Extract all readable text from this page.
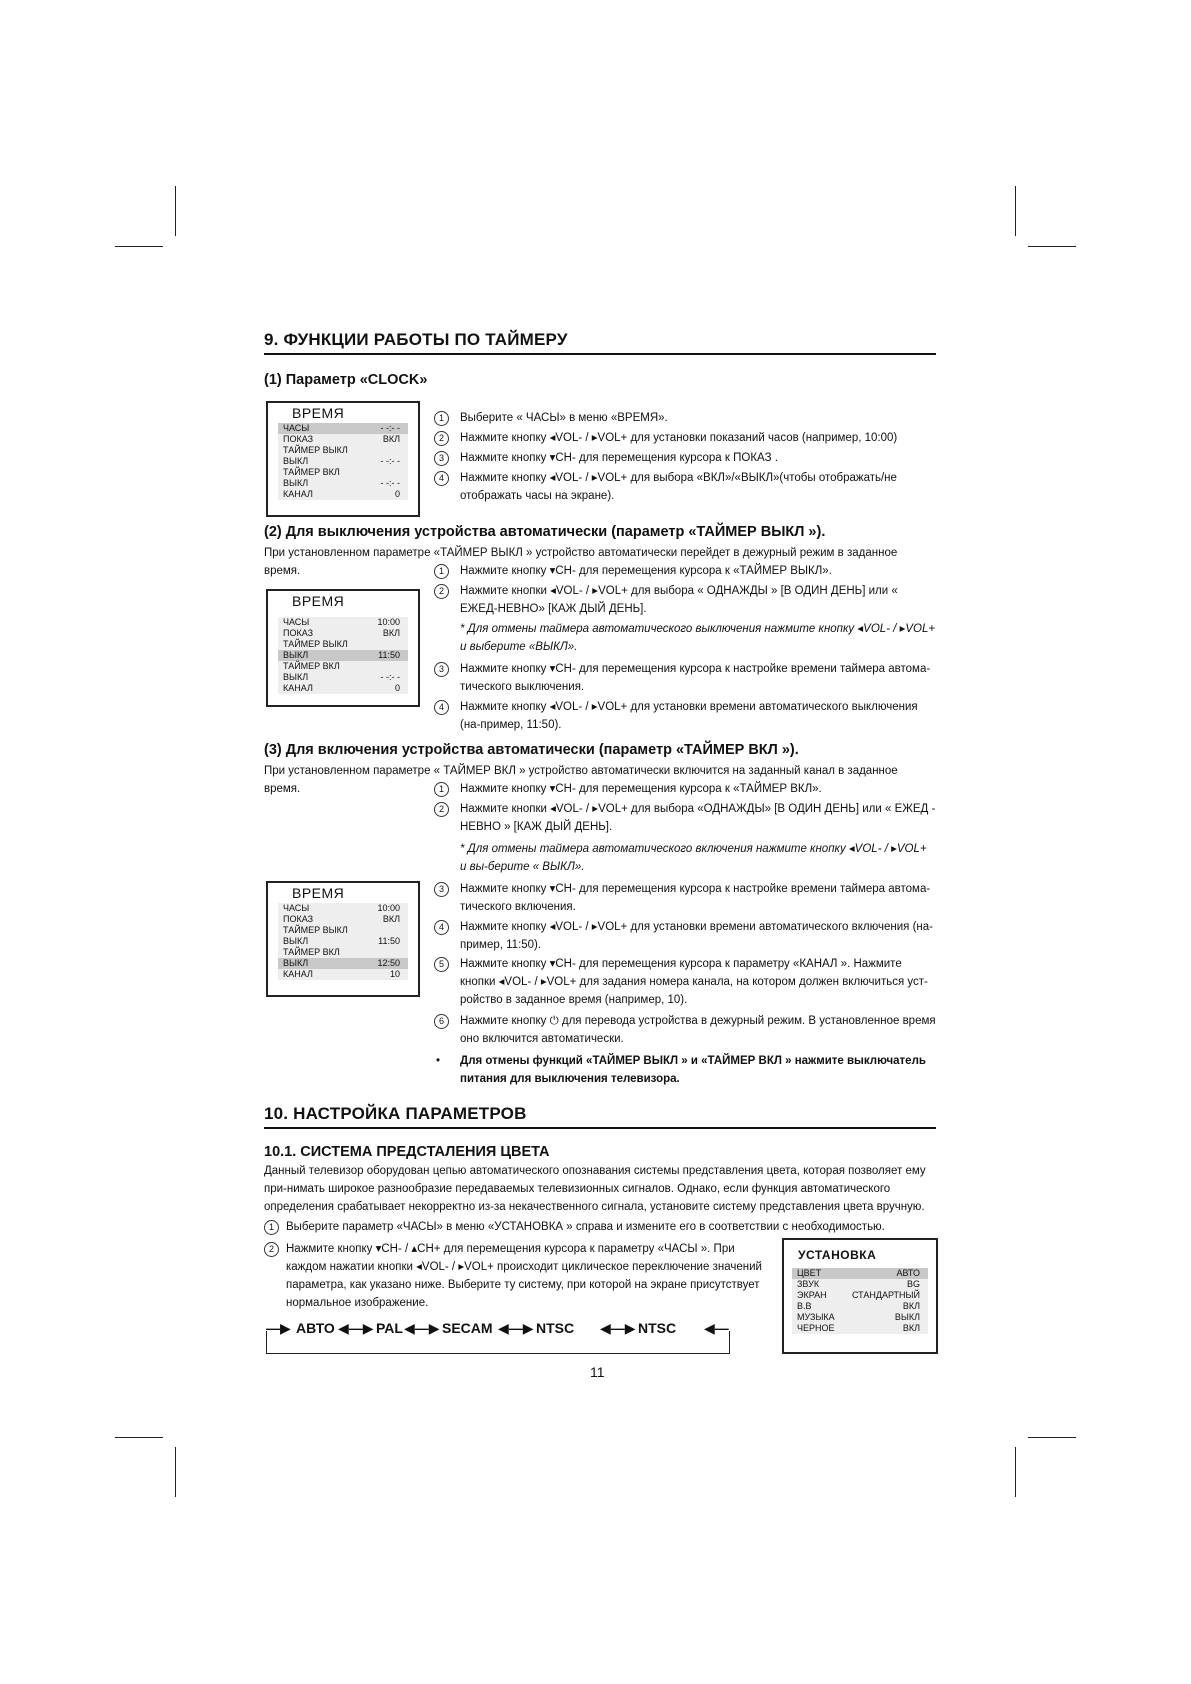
9. ФУНКЦИИ РАБОТЫ ПО ТАЙМЕРУ
(1) Параметр «CLOCK»
ВРЕМЯ
ЧАСЫ	- -:- -
ПОКАЗ	ВКЛ
ТАЙМЕР ВЫКЛ
ВЫКЛ	- -:- -
ТАЙМЕР ВКЛ
ВЫКЛ	- -:- -
КАНАЛ	0
1	Выберите « ЧАСЫ» в меню «ВРЕМЯ».
2	Нажмите кнопку ◂VOL- / ▸VOL+ для установки показаний часов (например, 10:00)
3	Нажмите кнопку ▾CH- для перемещения курсора к ПОКАЗ .
4	Нажмите кнопку ◂VOL- / ▸VOL+ для выбора «ВКЛ»/«ВЫКЛ»(чтобы отображать/не отображать часы на экране).
(2) Для выключения устройства автоматически (параметр «ТАЙМЕР ВЫКЛ »).
При установленном параметре «ТАЙМЕР ВЫКЛ » устройство автоматически перейдет в дежурный режим в заданное время.
ВРЕМЯ
ЧАСЫ	10:00
ПОКАЗ	ВКЛ
ТАЙМЕР ВЫКЛ
ВЫКЛ	11:50
ТАЙМЕР ВКЛ
ВЫКЛ	- -:- -
КАНАЛ	0
1	Нажмите кнопку ▾CH- для перемещения курсора к «ТАЙМЕР ВЫКЛ».
2	Нажмите кнопки ◂VOL- / ▸VOL+ для выбора « ОДНАЖДЫ » [В ОДИН ДЕНЬ] или « ЕЖЕД-НЕВНО» [КАЖ ДЫЙ ДЕНЬ].
* Для отмены таймера автоматического выключения нажмите кнопку ◂VOL- / ▸VOL+ и выберите «ВЫКЛ».
3	Нажмите кнопку ▾CH- для перемещения курсора к настройке времени таймера автома-тического выключения.
4	Нажмите кнопку ◂VOL- / ▸VOL+ для установки времени автоматического выключения (на-пример, 11:50).
(3) Для включения устройства автоматически (параметр «ТАЙМЕР ВКЛ »).
При установленном параметре « ТАЙМЕР ВКЛ » устройство автоматически включится на заданный канал в заданное время.
ВРЕМЯ
ЧАСЫ	10:00
ПОКАЗ	ВКЛ
ТАЙМЕР ВЫКЛ
ВЫКЛ	11:50
ТАЙМЕР ВКЛ
ВЫКЛ	12:50
КАНАЛ	10
1	Нажмите кнопку ▾CH- для перемещения курсора к «ТАЙМЕР ВКЛ».
2	Нажмите кнопки ◂VOL- / ▸VOL+ для выбора «ОДНАЖДЫ» [В ОДИН ДЕНЬ] или « ЕЖЕД - НЕВНО » [КАЖ ДЫЙ ДЕНЬ].
* Для отмены таймера автоматического включения нажмите кнопку ◂VOL- / ▸VOL+ и вы-берите « ВЫКЛ».
3	Нажмите кнопку ▾CH- для перемещения курсора к настройке времени таймера автома-тического включения.
4	Нажмите кнопку ◂VOL- / ▸VOL+ для установки времени автоматического включения (на-пример, 11:50).
5	Нажмите кнопку ▾CH- для перемещения курсора к параметру «КАНАЛ ». Нажмите кнопки ◂VOL- / ▸VOL+ для задания номера канала, на котором должен включиться уст-ройство в заданное время (например, 10).
6	Нажмите кнопку ⏻ для перевода устройства в дежурный режим. В установленное время оно включится автоматически.
• Для отмены функций «ТАЙМЕР ВЫКЛ » и «ТАЙМЕР ВКЛ » нажмите выключатель питания для выключения телевизора.
10. НАСТРОЙКА ПАРАМЕТРОВ
10.1. СИСТЕМА ПРЕДСТАЛЕНИЯ ЦВЕТА
Данный телевизор оборудован цепью автоматического опознавания системы представления цвета, которая позволяет ему при-нимать широкое разнообразие передаваемых телевизионных сигналов. Однако, если функция автоматического определения срабатывает некорректно из-за некачественного сигнала, установите систему представления цвета вручную.
1	Выберите параметр «ЧАСЫ» в меню «УСТАНОВКА » справа и измените его в соответствии с необходимостью.
2	Нажмите кнопку ▾CH- / ▴CH+ для перемещения курсора к параметру «ЧАСЫ ». При каждом нажатии кнопки ◂VOL- / ▸VOL+ происходит циклическое переключение значений параметра, как указано ниже. Выберите ту систему, при которой на экране присутствует нормальное изображение.
—▶ АВТО ◀—▶ PAL ◀—▶ SECAM ◀—▶ NTSC ◀—▶ NTSC ◀—
УСТАНОВКА
ЦВЕТ	АВТО
ЗВУК	BG
ЭКРАН	СТАНДАРТНЫЙ
В.В	ВКЛ
МУЗЫКА	ВЫКЛ
ЧЕРНОЕ	ВКЛ
11
